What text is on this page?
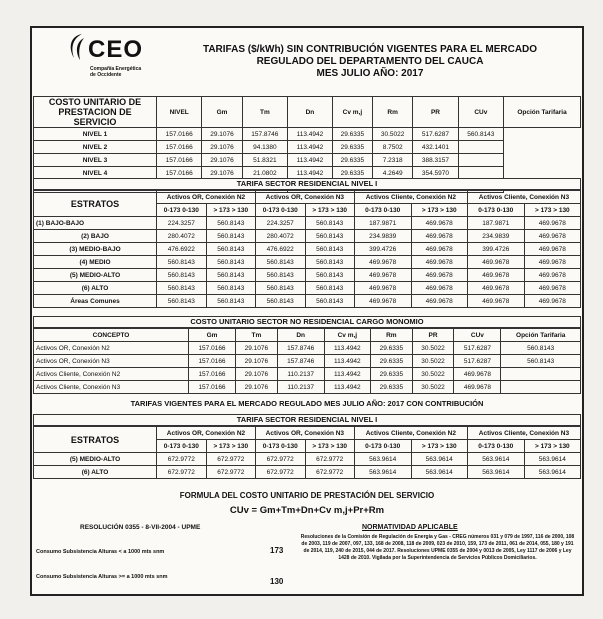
CEO
Compañía Energética
de Occidente
TARIFAS ($/kWh) SIN CONTRIBUCIÓN VIGENTES PARA EL MERCADO
REGULADO DEL DEPARTAMENTO DEL CAUCA
MES JULIO AÑO: 2017
COSTO UNITARIO DE PRESTACION DE SERVICIO	NIVEL	Gm	Tm	Dn	Cv m,j	Rm	PR	CUv	Opción Tarifaria
NIVEL 1	157.0166	29.1076	157.8746	113.4942	29.6335	30.5022	517.6287	560.8143	
NIVEL 2	157.0166	29.1076	94.1380	113.4942	29.6335	8.7502	432.1401		
NIVEL 3	157.0166	29.1076	51.8321	113.4942	29.6335	7.2318	388.3157		
NIVEL 4	157.0166	29.1076	21.0802	113.4942	29.6335	4.2649	354.5970		

TARIFA SECTOR RESIDENCIAL NIVEL I
ESTRATOS	Activos OR, Conexión N2		Activos OR, Conexión N3		Activos Cliente, Conexión N2		Activos Cliente, Conexión N3	
	0-173 0-130	> 173 > 130	0-173 0-130	> 173 > 130	0-173 0-130	> 173 > 130	0-173 0-130	> 173 > 130
(1) BAJO-BAJO	224.3257	560.8143	224.3257	560.8143	187.9871	469.9678	187.9871	469.9678
(2) BAJO	280.4072	560.8143	280.4072	560.8143	234.9839	469.9678	234.9839	469.9678
(3) MEDIO-BAJO	476.6922	560.8143	476.6922	560.8143	399.4726	469.9678	399.4726	469.9678
(4) MEDIO	560.8143	560.8143	560.8143	560.8143	469.9678	469.9678	469.9678	469.9678
(5) MEDIO-ALTO	560.8143	560.8143	560.8143	560.8143	469.9678	469.9678	469.9678	469.9678
(6) ALTO	560.8143	560.8143	560.8143	560.8143	469.9678	469.9678	469.9678	469.9678
Áreas Comunes	560.8143	560.8143	560.8143	560.8143	469.9678	469.9678	469.9678	469.9678
COSTO UNITARIO SECTOR NO RESIDENCIAL CARGO MONOMIO
CONCEPTO	Gm	Tm	Dn	Cv m,j	Rm	PR	CUv	Opción Tarifaria
Activos OR, Conexión N2	157.0166	29.1076	157.8746	113.4942	29.6335	30.5022	517.6287	560.8143
Activos OR, Conexión N3	157.0166	29.1076	157.8746	113.4942	29.6335	30.5022	517.6287	560.8143
Activos Cliente, Conexión N2	157.0166	29.1076	110.2137	113.4942	29.6335	30.5022	469.9678	
Activos Cliente, Conexión N3	157.0166	29.1076	110.2137	113.4942	29.6335	30.5022	469.9678	
TARIFAS VIGENTES PARA EL MERCADO REGULADO MES JULIO AÑO: 2017 CON CONTRIBUCIÓN
TARIFA SECTOR RESIDENCIAL NIVEL I
ESTRATOS	Activos OR, Conexión N2		Activos OR, Conexión N3		Activos Cliente, Conexión N2		Activos Cliente, Conexión N3	
	0-173 0-130	> 173 > 130	0-173 0-130	> 173 > 130	0-173 0-130	> 173 > 130	0-173 0-130	> 173 > 130
(5) MEDIO-ALTO	672.9772	672.9772	672.9772	672.9772	563.9614	563.9614	563.9614	563.9614
(6) ALTO	672.9772	672.9772	672.9772	672.9772	563.9614	563.9614	563.9614	563.9614
FORMULA DEL COSTO UNITARIO DE PRESTACIÓN DEL SERVICIO
CUv = Gm+Tm+Dn+Cv m,j+Pr+Rm
RESOLUCIÓN 0355 - 8-VII-2004 - UPME
Consumo Subsistencia Alturas < a 1000 mts snm	173
Consumo Subsistencia Alturas >= a 1000 mts snm	130
NORMATIVIDAD APLICABLE
Resoluciones de la Comisión de Regulación de Energía y Gas - CREG números 031 y 079 de 1997, 116 de 2000, 108 de 2003, 119 de 2007, 097, 133, 168 de 2008, 118 de 2009, 023 de 2010, 159, 173 de 2011, 061 de 2014, 055, 180 y 191 de 2014, 119, 240 de 2015, 044 de 2017. Resoluciones UPME 0355 de 2004 y 0013 de 2005, Ley 1117 de 2006 y Ley 1428 de 2010. Vigilada por la Superintendencia de Servicios Públicos Domiciliarios.
